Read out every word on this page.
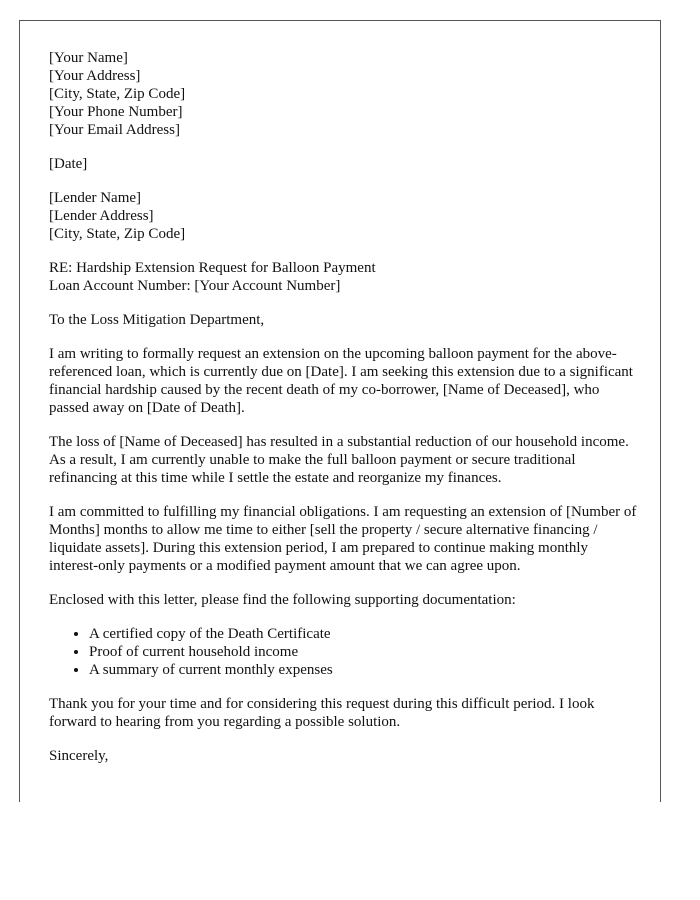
[Your Name]
[Your Address]
[City, State, Zip Code]
[Your Phone Number]
[Your Email Address]
[Date]
[Lender Name]
[Lender Address]
[City, State, Zip Code]
RE: Hardship Extension Request for Balloon Payment
Loan Account Number: [Your Account Number]
To the Loss Mitigation Department,

I am writing to formally request an extension on the upcoming balloon payment for the above-referenced loan, which is currently due on [Date]. I am seeking this extension due to a significant financial hardship caused by the recent death of my co-borrower, [Name of Deceased], who passed away on [Date of Death].

The loss of [Name of Deceased] has resulted in a substantial reduction of our household income. As a result, I am currently unable to make the full balloon payment or secure traditional refinancing at this time while I settle the estate and reorganize my finances.

I am committed to fulfilling my financial obligations. I am requesting an extension of [Number of Months] months to allow me time to either [sell the property / secure alternative financing / liquidate assets]. During this extension period, I am prepared to continue making monthly interest-only payments or a modified payment amount that we can agree upon.

Enclosed with this letter, please find the following supporting documentation:

• A certified copy of the Death Certificate
• Proof of current household income
• A summary of current monthly expenses

Thank you for your time and for considering this request during this difficult period. I look forward to hearing from you regarding a possible solution.

Sincerely,
